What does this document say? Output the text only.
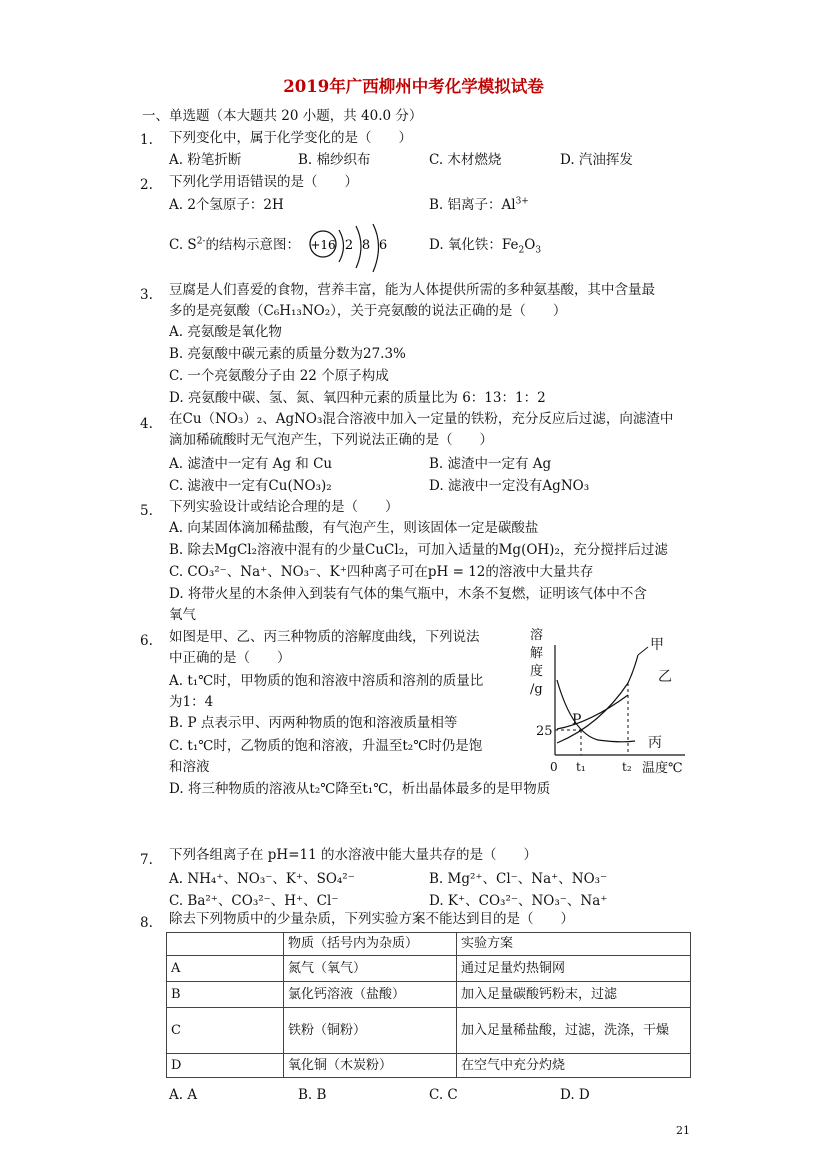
2019年广西柳州中考化学模拟试卷
一、单选题（本大题共 20 小题，共 40.0 分）
1. 下列变化中，属于化学变化的是（　　）
A. 粉笔折断	B. 棉纱织布	C. 木材燃烧	D. 汽油挥发
2. 下列化学用语错误的是（　　）
A. 2个氢原子：2H	B. 铝离子：$Al^{3+}$
C. $S^{2-}$的结构示意图： +16 2 8 6	D. 氧化铁：$Fe_2O_3$
3. 豆腐是人们喜爱的食物，营养丰富，能为人体提供所需的多种氨基酸，其中含量最
多的是亮氨酸（C₆H₁₃NO₂），关于亮氨酸的说法正确的是（　　）
A. 亮氨酸是氧化物
B. 亮氨酸中碳元素的质量分数为27.3%
C. 一个亮氨酸分子由 22 个原子构成
D. 亮氨酸中碳、氢、氮、氧四种元素的质量比为 6：13：1：2
4. 在Cu（NO₃）₂、AgNO₃混合溶液中加入一定量的铁粉，充分反应后过滤，向滤渣中
滴加稀硫酸时无气泡产生，下列说法正确的是（　　）
A. 滤渣中一定有 Ag 和 Cu	B. 滤渣中一定有 Ag
C. 滤液中一定有Cu(NO₃)₂	D. 滤液中一定没有AgNO₃
5. 下列实验设计或结论合理的是（　　）
A. 向某固体滴加稀盐酸，有气泡产生，则该固体一定是碳酸盐
B. 除去MgCl₂溶液中混有的少量CuCl₂，可加入适量的Mg(OH)₂，充分搅拌后过滤
C. CO₃²⁻、Na⁺、NO₃⁻、K⁺四种离子可在pH = 12的溶液中大量共存
D. 将带火星的木条伸入到装有气体的集气瓶中，木条不复燃，证明该气体中不含
氧气
6. 如图是甲、乙、丙三种物质的溶解度曲线，下列说法
中正确的是（　　）
A. t₁℃时，甲物质的饱和溶液中溶质和溶剂的质量比
为1：4
B. P 点表示甲、丙两种物质的饱和溶液质量相等
C. t₁℃时，乙物质的饱和溶液，升温至t₂℃时仍是饱
和溶液
D. 将三种物质的溶液从t₂℃降至t₁℃，析出晶体最多的是甲物质
溶
解
度
/g
甲
乙
丙
P
25
0 t₁	t₂ 温度℃
7. 下列各组离子在 pH=11 的水溶液中能大量共存的是（　　）
A. NH₄⁺、NO₃⁻、K⁺、SO₄²⁻	B. Mg²⁺、Cl⁻、Na⁺、NO₃⁻
C. Ba²⁺、CO₃²⁻、H⁺、Cl⁻	D. K⁺、CO₃²⁻、NO₃⁻、Na⁺
8. 除去下列物质中的少量杂质，下列实验方案不能达到目的是（　　）
	物质（括号内为杂质）	实验方案
A	氮气（氧气）	通过足量灼热铜网
B	氯化钙溶液（盐酸）	加入足量碳酸钙粉末，过滤
C	铁粉（铜粉）	加入足量稀盐酸，过滤，洗涤，干燥
D	氧化铜（木炭粉）	在空气中充分灼烧
A. A	B. B	C. C	D. D
21
